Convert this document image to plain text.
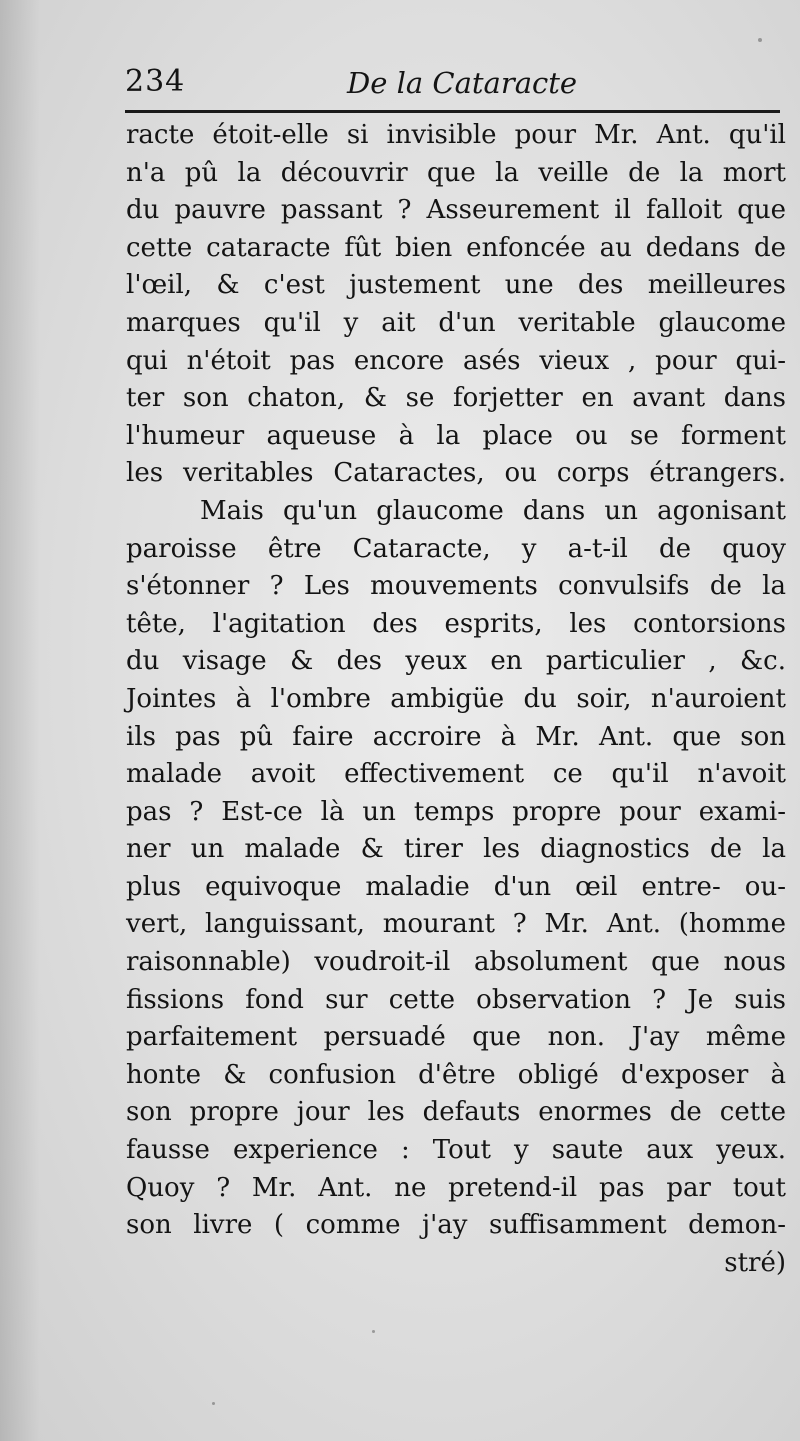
234	De la Cataracte
racte étoit-elle si invisible pour Mr. Ant. qu'il
n'a pû la découvrir que la veille de la mort
du pauvre passant ? Asseurement il falloit que
cette cataracte fût bien enfoncée au dedans de
l'œil, & c'est justement une des meilleures
marques qu'il y ait d'un veritable glaucome
qui n'étoit pas encore asés vieux , pour qui-
ter son chaton, & se forjetter en avant dans
l'humeur aqueuse à la place ou se forment
les veritables Cataractes, ou corps étrangers.
Mais qu'un glaucome dans un agonisant
paroisse être Cataracte, y a-t-il de quoy
s'étonner ? Les mouvements convulsifs de la
tête, l'agitation des esprits, les contorsions
du visage & des yeux en particulier , &c.
Jointes à l'ombre ambigüe du soir, n'auroient
ils pas pû faire accroire à Mr. Ant. que son
malade avoit effectivement ce qu'il n'avoit
pas ? Est-ce là un temps propre pour exami-
ner un malade & tirer les diagnostics de la
plus equivoque maladie d'un œil entre- ou-
vert, languissant, mourant ? Mr. Ant. (homme
raisonnable) voudroit-il absolument que nous
fissions fond sur cette observation ? Je suis
parfaitement persuadé que non. J'ay même
honte & confusion d'être obligé d'exposer à
son propre jour les defauts enormes de cette
fausse experience : Tout y saute aux yeux.
Quoy ? Mr. Ant. ne pretend-il pas par tout
son livre ( comme j'ay suffisamment demon-
stré)
